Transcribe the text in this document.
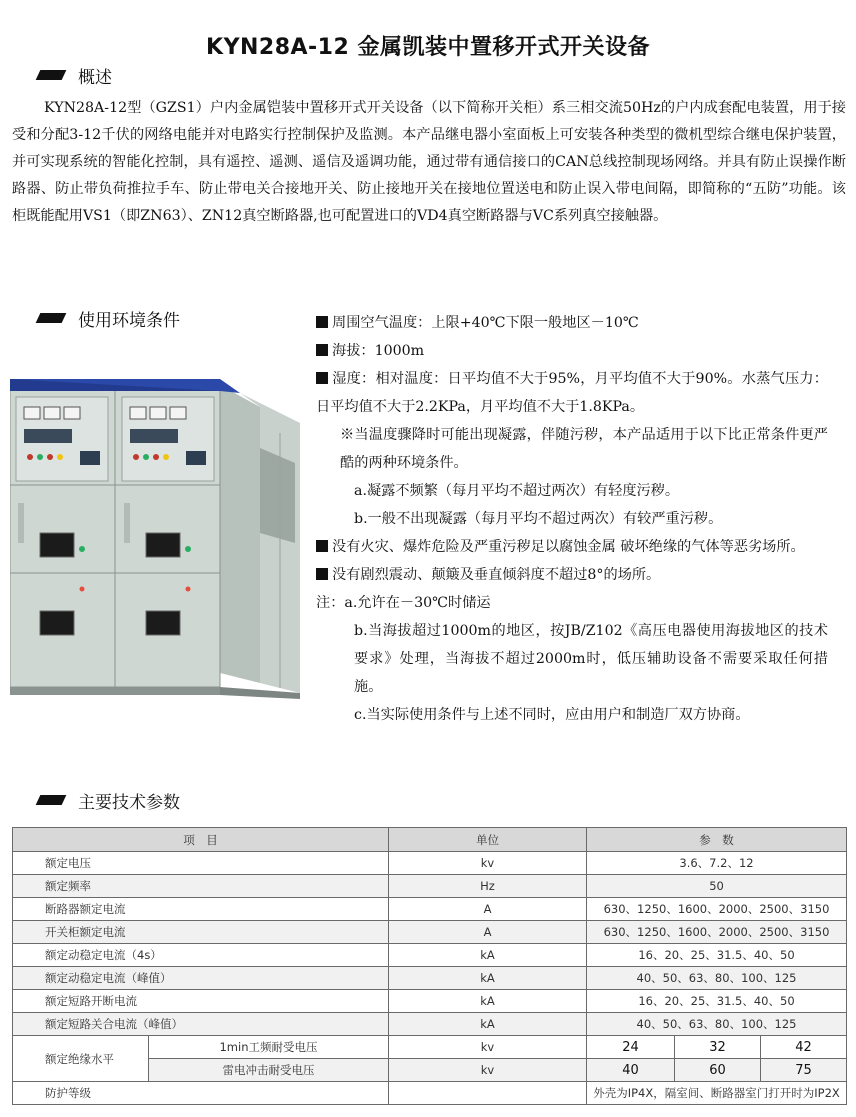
KYN28A-12 金属凯装中置移开式开关设备
概述
KYN28A-12型（GZS1）户内金属铠装中置移开式开关设备（以下简称开关柜）系三相交流50Hz的户内成套配电装置，用于接受和分配3-12千伏的网络电能并对电路实行控制保护及监测。本产品继电器小室面板上可安装各种类型的微机型综合继电保护装置，并可实现系统的智能化控制，具有遥控、遥测、遥信及遥调功能，通过带有通信接口的CAN总线控制现场网络。并具有防止误操作断路器、防止带负荷推拉手车、防止带电关合接地开关、防止接地开关在接地位置送电和防止误入带电间隔，即简称的“五防”功能。该柜既能配用VS1（即ZN63）、ZN12真空断路器,也可配置进口的VD4真空断路器与VC系列真空接触器。
使用环境条件	周围空气温度：上限+40℃下限一般地区－10℃

海拔：1000m

湿度：相对温度：日平均值不大于95%，月平均值不大于90%。水蒸气压力：日平均值不大于2.2KPa，月平均值不大于1.8KPa。

※当温度骤降时可能出现凝露，伴随污秽，本产品适用于以下比正常条件更严酷的两种环境条件。

a.凝露不频繁（每月平均不超过两次）有轻度污秽。

b.一般不出现凝露（每月平均不超过两次）有较严重污秽。

没有火灾、爆炸危险及严重污秽足以腐蚀金属 破坏绝缘的气体等恶劣场所。

没有剧烈震动、颠簸及垂直倾斜度不超过8°的场所。

注：a.允许在－30℃时储运

b.当海拔超过1000m的地区，按JB/Z102《高压电器使用海拔地区的技术要求》处理，当海拔不超过2000m时，低压辅助设备不需要采取任何措施。

c.当实际使用条件与上述不同时，应由用户和制造厂双方协商。

主要技术参数
项　目		单位	参　数		
额定电压		kv	3.6、7.2、12		
额定频率		Hz	50		
断路器额定电流		A	630、1250、1600、2000、2500、3150		
开关柜额定电流		A	630、1250、1600、2000、2500、3150		
额定动稳定电流（4s）		kA	16、20、25、31.5、40、50		
额定动稳定电流（峰值）		kA	40、50、63、80、100、125		
额定短路开断电流		kA	16、20、25、31.5、40、50		
额定短路关合电流（峰值）		kA	40、50、63、80、100、125		
额定绝缘水平	1min工频耐受电压	kv	24	32	42
	雷电冲击耐受电压	kv	40	60	75
防护等级			外壳为IP4X，隔室间、断路器室门打开时为IP2X		
